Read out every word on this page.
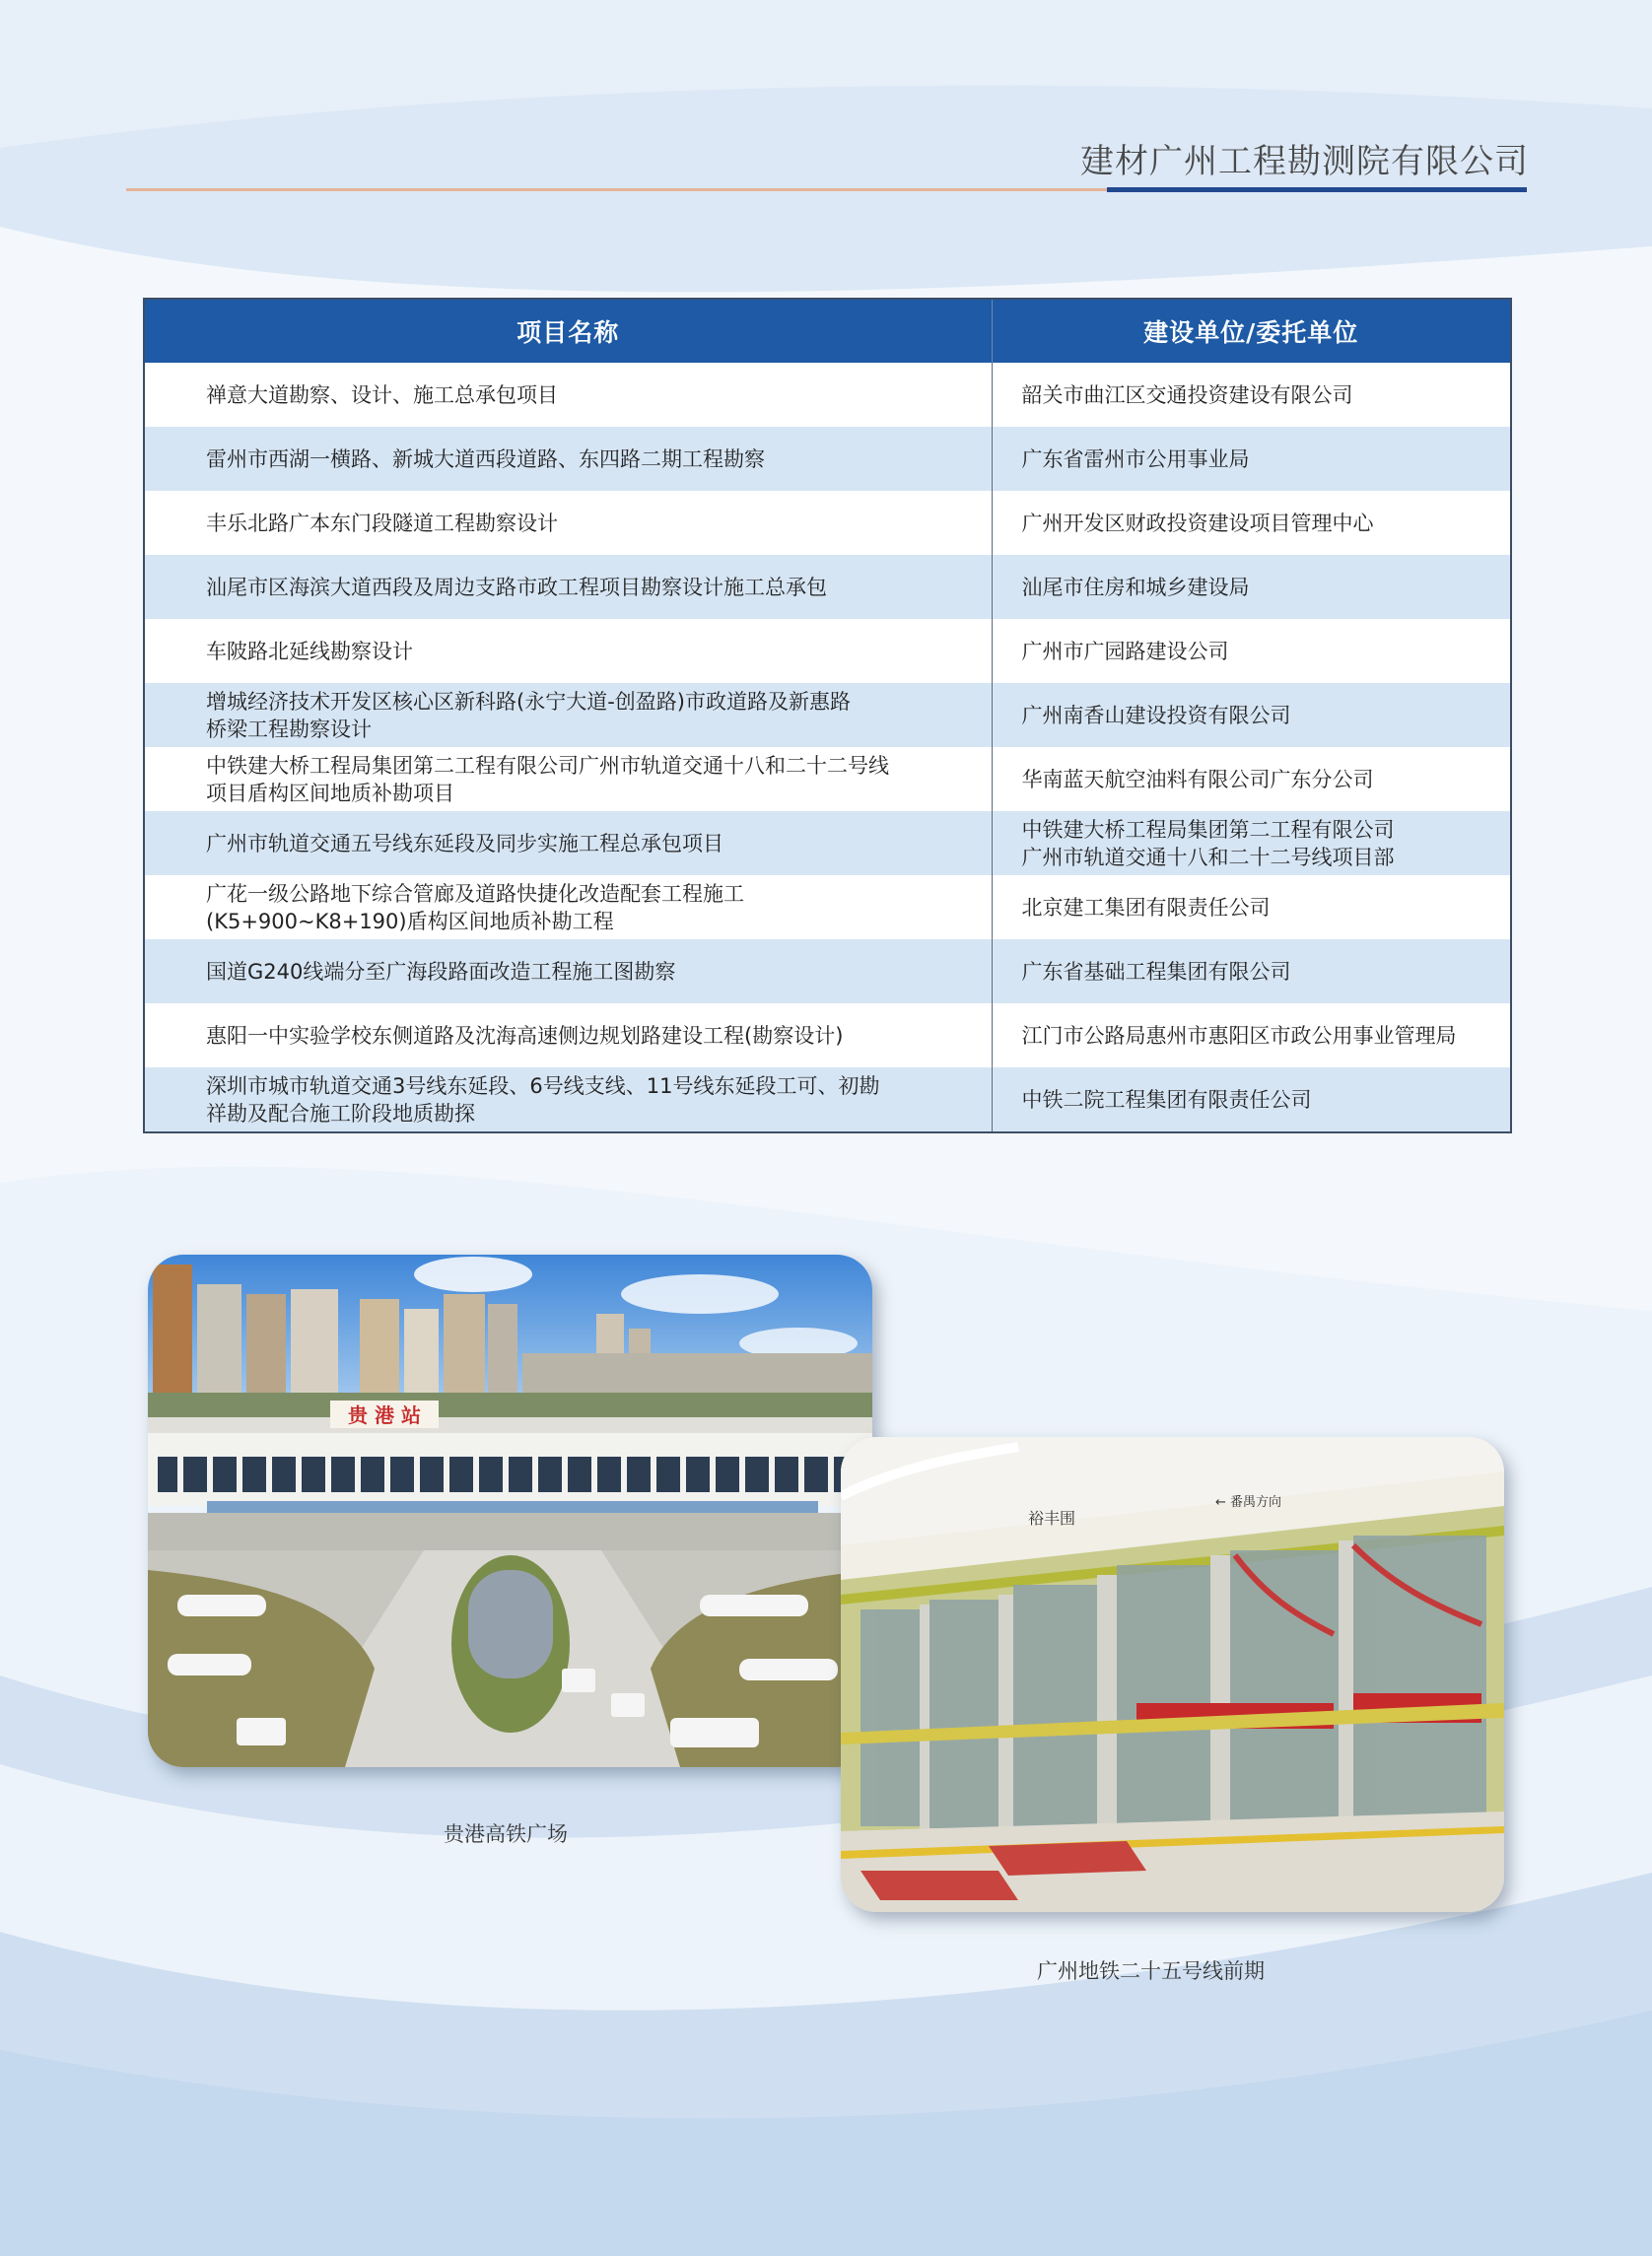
建材广州工程勘测院有限公司
项目名称	建设单位/委托单位

禅意大道勘察、设计、施工总承包项目	韶关市曲江区交通投资建设有限公司

雷州市西湖一横路、新城大道西段道路、东四路二期工程勘察	广东省雷州市公用事业局

丰乐北路广本东门段隧道工程勘察设计	广州开发区财政投资建设项目管理中心

汕尾市区海滨大道西段及周边支路市政工程项目勘察设计施工总承包	汕尾市住房和城乡建设局

车陂路北延线勘察设计	广州市广园路建设公司

增城经济技术开发区核心区新科路(永宁大道-创盈路)市政道路及新惠路
桥梁工程勘察设计	广州南香山建设投资有限公司

中铁建大桥工程局集团第二工程有限公司广州市轨道交通十八和二十二号线
项目盾构区间地质补勘项目	华南蓝天航空油料有限公司广东分公司

广州市轨道交通五号线东延段及同步实施工程总承包项目	中铁建大桥工程局集团第二工程有限公司
广州市轨道交通十八和二十二号线项目部

广花一级公路地下综合管廊及道路快捷化改造配套工程施工
(K5+900~K8+190)盾构区间地质补勘工程	北京建工集团有限责任公司

国道G240线端分至广海段路面改造工程施工图勘察	广东省基础工程集团有限公司

惠阳一中实验学校东侧道路及沈海高速侧边规划路建设工程(勘察设计)	江门市公路局惠州市惠阳区市政公用事业管理局

深圳市城市轨道交通3号线东延段、6号线支线、11号线东延段工可、初勘
祥勘及配合施工阶段地质勘探	中铁二院工程集团有限责任公司
贵 港 站
贵港高铁广场
裕丰围
← 番禺方向
广州地铁二十五号线前期
